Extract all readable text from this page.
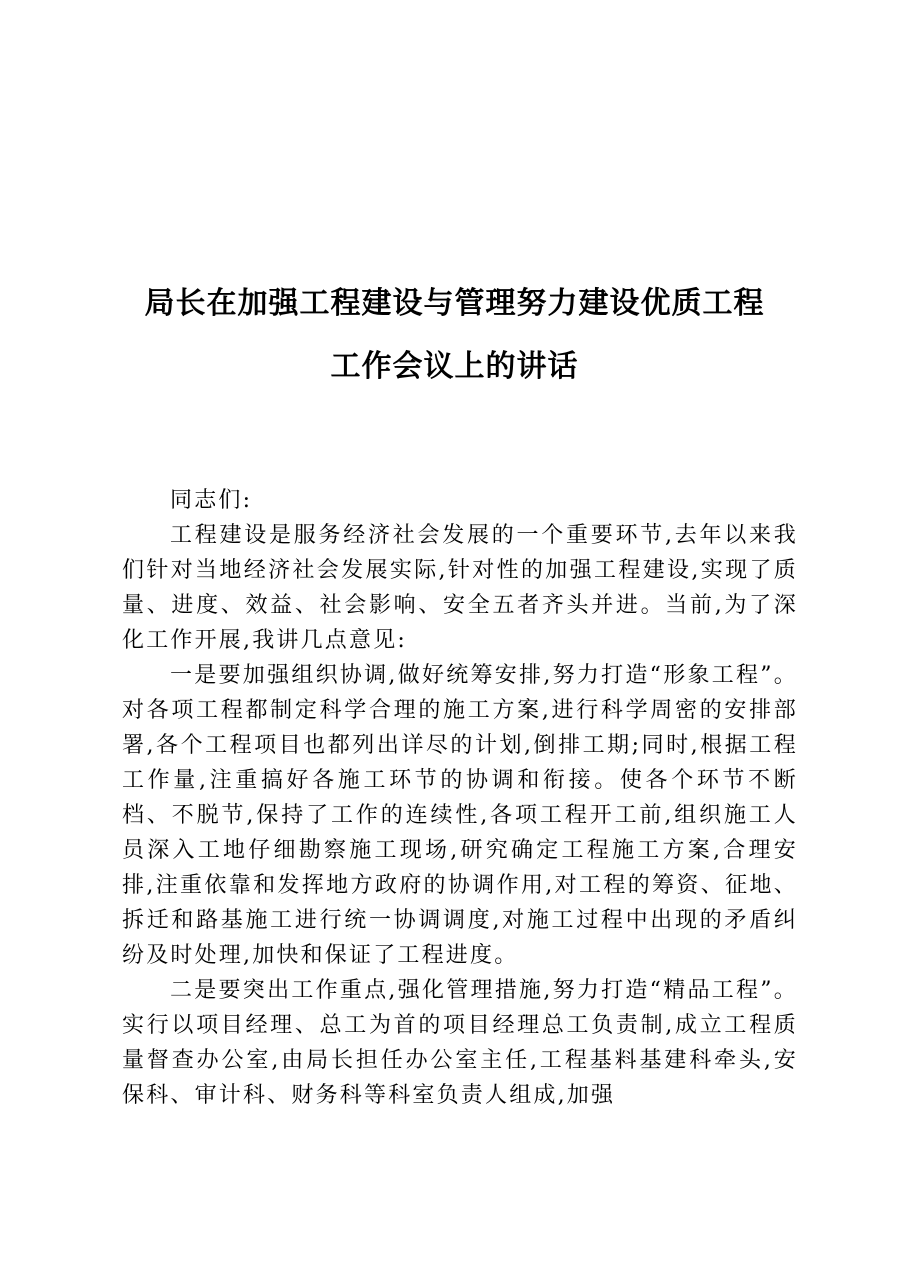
局长在加强工程建设与管理努力建设优质工程
工作会议上的讲话

同志们:

工程建设是服务经济社会发展的一个重要环节,去年以来我们针对当地经济社会发展实际,针对性的加强工程建设,实现了质量、进度、效益、社会影响、安全五者齐头并进。当前,为了深化工作开展,我讲几点意见:

一是要加强组织协调,做好统筹安排,努力打造“形象工程”。对各项工程都制定科学合理的施工方案,进行科学周密的安排部署,各个工程项目也都列出详尽的计划,倒排工期;同时,根据工程工作量,注重搞好各施工环节的协调和衔接。使各个环节不断档、不脱节,保持了工作的连续性,各项工程开工前,组织施工人员深入工地仔细勘察施工现场,研究确定工程施工方案,合理安排,注重依靠和发挥地方政府的协调作用,对工程的筹资、征地、拆迁和路基施工进行统一协调调度,对施工过程中出现的矛盾纠纷及时处理,加快和保证了工程进度。

二是要突出工作重点,强化管理措施,努力打造“精品工程”。实行以项目经理、总工为首的项目经理总工负责制,成立工程质量督查办公室,由局长担任办公室主任,工程基料基建科牵头,安保科、审计科、财务科等科室负责人组成,加强
